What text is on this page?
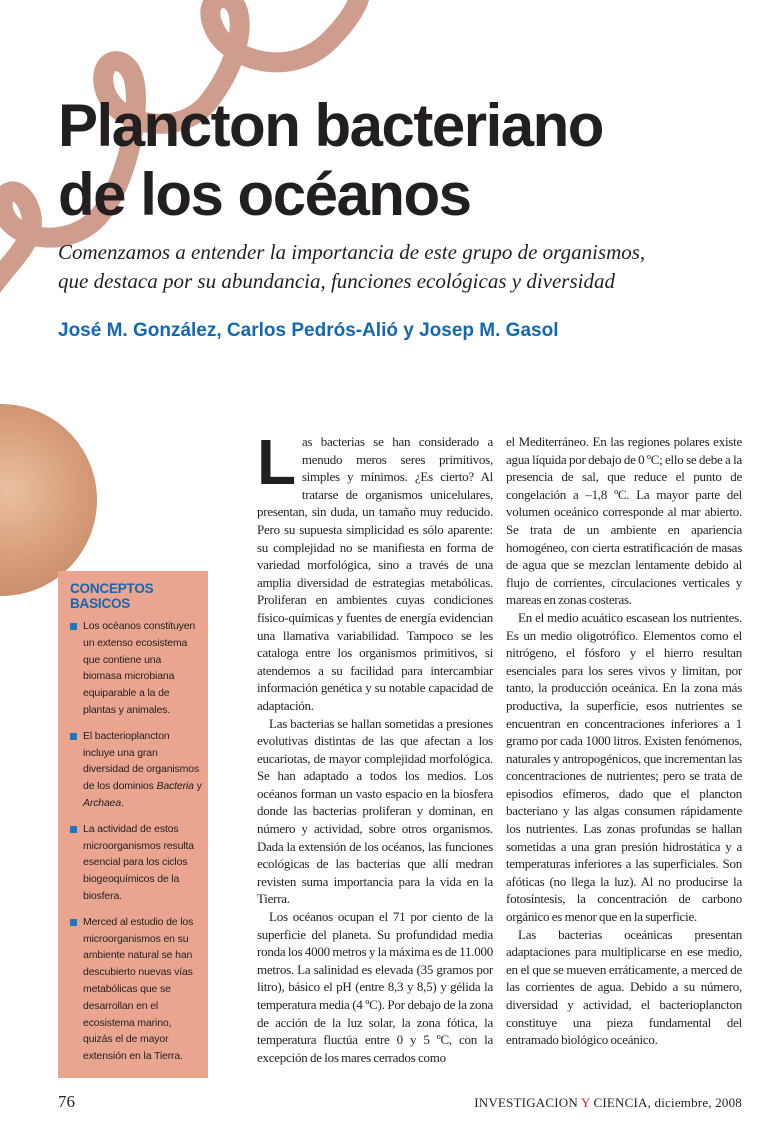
Plancton bacteriano
de los océanos
Comenzamos a entender la importancia de este grupo de organismos,
que destaca por su abundancia, funciones ecológicas y diversidad
José M. González, Carlos Pedrós-Alió y Josep M. Gasol
CONCEPTOS BASICOS
Los océanos constituyen un extenso ecosistema que contiene una biomasa microbiana equiparable a la de plantas y animales.
El bacterioplancton incluye una gran diversidad de organismos de los dominios Bacteria y Archaea.
La actividad de estos microorganismos resulta esencial para los ciclos biogeoquímicos de la biosfera.
Merced al estudio de los microorganismos en su ambiente natural se han descubierto nuevas vías metabólicas que se desarrollan en el ecosistema marino, quizás el de mayor extensión en la Tierra.

Las bacterias se han considerado a menudo meros seres primitivos, simples y mínimos. ¿Es cierto? Al tratarse de organismos unicelulares, presentan, sin duda, un tamaño muy reducido. Pero su supuesta simplicidad es sólo aparente: su complejidad no se manifiesta en forma de variedad morfológica, sino a través de una amplia diversidad de estrategias metabólicas. Proliferan en ambientes cuyas condiciones físico-químicas y fuentes de energía evidencian una llamativa variabilidad. Tampoco se les cataloga entre los organismos primitivos, si atendemos a su facilidad para intercambiar información genética y su notable capacidad de adaptación.

Las bacterias se hallan sometidas a presiones evolutivas distintas de las que afectan a los eucariotas, de mayor complejidad morfológica. Se han adaptado a todos los medios. Los océanos forman un vasto espacio en la biosfera donde las bacterias proliferan y dominan, en número y actividad, sobre otros organismos. Dada la extensión de los océanos, las funciones ecológicas de las bacterias que allí medran revisten suma importancia para la vida en la Tierra.

Los océanos ocupan el 71 por ciento de la superficie del planeta. Su profundidad media ronda los 4000 metros y la máxima es de 11.000 metros. La salinidad es elevada (35 gramos por litro), básico el pH (entre 8,3 y 8,5) y gélida la temperatura media (4 ºC). Por debajo de la zona de acción de la luz solar, la zona fótica, la temperatura fluctúa entre 0 y 5 ºC, con la excepción de los mares cerrados como

el Mediterráneo. En las regiones polares existe agua líquida por debajo de 0 ºC; ello se debe a la presencia de sal, que reduce el punto de congelación a –1,8 ºC. La mayor parte del volumen oceánico corresponde al mar abierto. Se trata de un ambiente en apariencia homogéneo, con cierta estratificación de masas de agua que se mezclan lentamente debido al flujo de corrientes, circulaciones verticales y mareas en zonas costeras.

En el medio acuático escasean los nutrientes. Es un medio oligotrófico. Elementos como el nitrógeno, el fósforo y el hierro resultan esenciales para los seres vivos y limitan, por tanto, la producción oceánica. En la zona más productiva, la superficie, esos nutrientes se encuentran en concentraciones inferiores a 1 gramo por cada 1000 litros. Existen fenómenos, naturales y antropogénicos, que incrementan las concentraciones de nutrientes; pero se trata de episodios efímeros, dado que el plancton bacteriano y las algas consumen rápidamente los nutrientes. Las zonas profundas se hallan sometidas a una gran presión hidrostática y a temperaturas inferiores a las superficiales. Son afóticas (no llega la luz). Al no producirse la fotosíntesis, la concentración de carbono orgánico es menor que en la superficie.

Las bacterias oceánicas presentan adaptaciones para multiplicarse en ese medio, en el que se mueven erráticamente, a merced de las corrientes de agua. Debido a su número, diversidad y actividad, el bacterioplancton constituye una pieza fundamental del entramado biológico oceánico.

76	INVESTIGACION Y CIENCIA, diciembre, 2008
